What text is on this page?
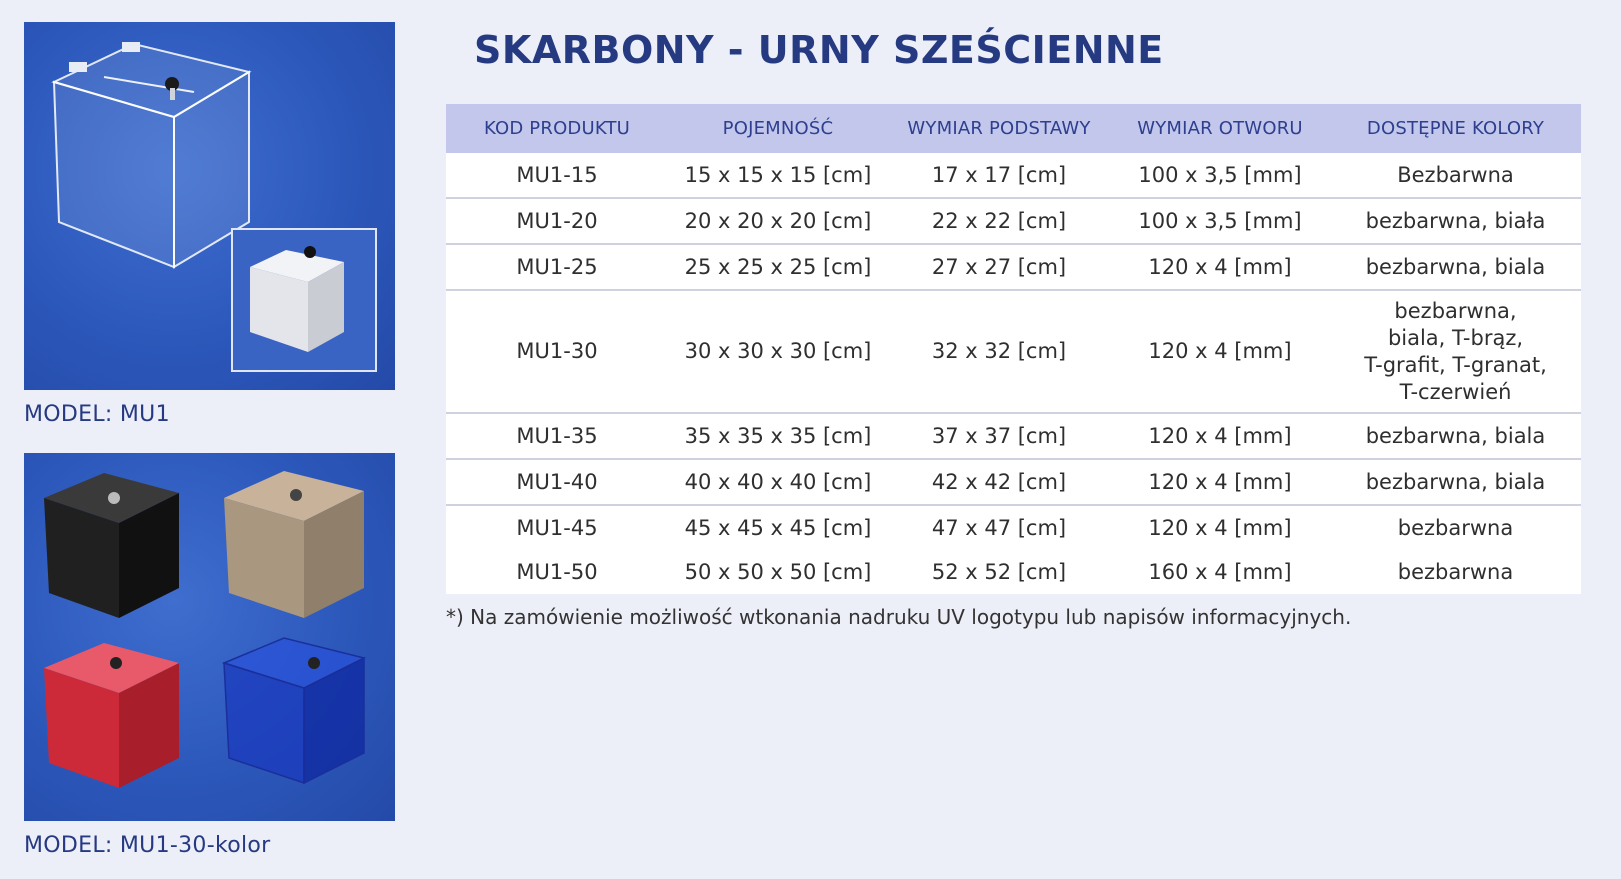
MODEL: MU1
MODEL: MU1-30-kolor
SKARBONY - URNY SZEŚCIENNE
KOD PRODUKTU	POJEMNOŚĆ	WYMIAR PODSTAWY	WYMIAR OTWORU	DOSTĘPNE KOLORY
MU1-15	15 x 15 x 15 [cm]	17 x 17 [cm]	100 x 3,5 [mm]	Bezbarwna
MU1-20	20 x 20 x 20 [cm]	22 x 22 [cm]	100 x 3,5 [mm]	bezbarwna, biała
MU1-25	25 x 25 x 25 [cm]	27 x 27 [cm]	120 x 4 [mm]	bezbarwna, biala
MU1-30	30 x 30 x 30 [cm]	32 x 32 [cm]	120 x 4 [mm]	bezbarwna,
biala, T-brąz,
T-grafit, T-granat,
T-czerwień

MU1-35	35 x 35 x 35 [cm]	37 x 37 [cm]	120 x 4 [mm]	bezbarwna, biala
MU1-40	40 x 40 x 40 [cm]	42 x 42 [cm]	120 x 4 [mm]	bezbarwna, biala
MU1-45	45 x 45 x 45 [cm]	47 x 47 [cm]	120 x 4 [mm]	bezbarwna
MU1-50	50 x 50 x 50 [cm]	52 x 52 [cm]	160 x 4 [mm]	bezbarwna
*) Na zamówienie możliwość wtkonania nadruku UV logotypu lub napisów informacyjnych.
